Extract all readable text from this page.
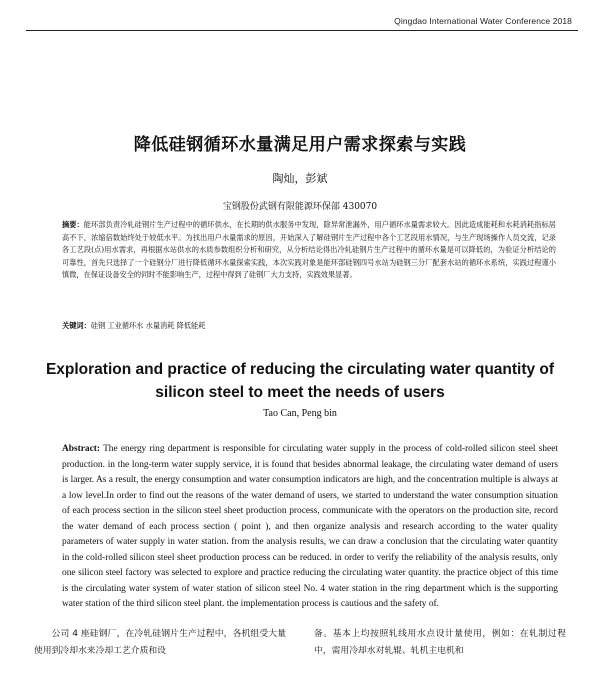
Qingdao International Water Conference 2018
降低硅钢循环水量满足用户需求探索与实践
陶灿，彭斌
宝钢股份武钢有限能源环保部 430070
摘要：能环部负责冷轧硅钢片生产过程中的循环供水，在长期的供水服务中发现，除异常泄漏外，用户循环水量需求较大。因此造成能耗和水耗消耗指标居高不下，浓缩倍数始终处于较低水平。为找出用户水量需求的原因，开始深入了解硅钢片生产过程中各个工艺段用水情况，与生产现场操作人员交流，记录各工艺段(点)用水需求，再根据水站供水的水质参数组织分析和研究，从分析结论得出冷轧硅钢片生产过程中的循环水量是可以降低的，为验证分析结论的可靠性，首先只选择了一个硅钢分厂进行降低循环水量探索实践，本次实践对象是能环部硅钢四号水站为硅钢三分厂配套水站的循环水系统，实践过程谨小慎微，在保证设备安全的同时不能影响生产，过程中得到了硅钢厂大力支持，实践效果显著。
关键词：硅钢 工业循环水 水量消耗 降低能耗
Exploration and practice of reducing the circulating water quantity of silicon steel to meet the needs of users
Tao Can, Peng bin
Abstract: The energy ring department is responsible for circulating water supply in the process of cold-rolled silicon steel sheet production. in the long-term water supply service, it is found that besides abnormal leakage, the circulating water demand of users is larger. As a result, the energy consumption and water consumption indicators are high, and the concentration multiple is always at a low level.In order to find out the reasons of the water demand of users, we started to understand the water consumption situation of each process section in the silicon steel sheet production process, communicate with the operators on the production site, record the water demand of each process section ( point ), and then organize analysis and research according to the water quality parameters of water supply in water station. from the analysis results, we can draw a conclusion that the circulating water quantity in the cold-rolled silicon steel sheet production process can be reduced. in order to verify the reliability of the analysis results, only one silicon steel factory was selected to explore and practice reducing the circulating water quantity. the practice object of this time is the circulating water system of water station of silicon steel No. 4 water station in the ring department which is the supporting water station of the third silicon steel plant. the implementation process is cautious and the safety of.
公司 4 座硅钢厂，在冷轧硅钢片生产过程中，各机组受大量使用到冷却水来冷却工艺介质和设
备。基本上均按照轧线用水点设计量使用，例如：在轧制过程中，需用冷却水对轧辊、轧机主电机和
